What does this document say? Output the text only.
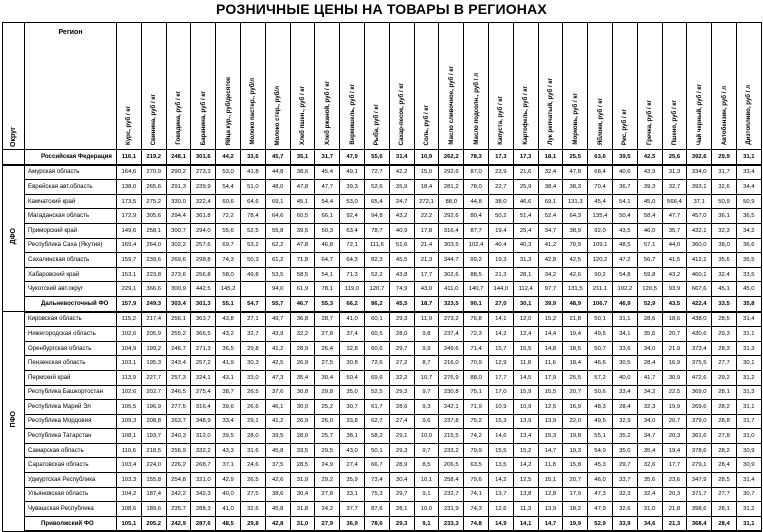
РОЗНИЧНЫЕ ЦЕНЫ НА ТОВАРЫ В РЕГИОНАХ
Округ	Регион	Курс, руб / кг	Свинина, руб / кг	Говядина, руб / кг	Баранина, руб / кг	Яйца кур., руб/десяток	Молоко пастер., руб/л	Молоко стер., руб/л	Хлеб пшен., руб / кг	Хлеб ржаной, руб / кг	Вермишель, руб / кг	Рыба, руб / кг	Сахар-песок, руб / кг	Соль, руб / кг	Масло сливочное, руб / кг	Масло подсолн., руб / л	Капуста, руб / кг	Картофель, руб / кг	Лук репчатый, руб / кг	Морковь, руб / кг	Яблоки, руб / кг	Рис, руб / кг	Гречка, руб / кг	Пшено, руб / кг	Чай черный, руб / кг	Автобензин, руб / л	Дизтопливо, руб / л
	Российская Федерация	116,1	219,2	248,1	301,6	44,2	33,6	45,7	35,1	31,7	47,9	55,6	31,4	10,9	262,2	78,3	17,3	17,3	18,1	25,5	63,6	39,5	42,5	25,6	392,6	29,9	31,1
ДФО	Амурская область	164,6	270,9	290,2	273,3	53,0	41,8	44,8	38,6	45,4	49,1	72,7	42,2	15,0	292,6	87,0	23,9	21,6	32,4	47,8	68,4	40,6	43,9	31,3	334,0	31,7	33,4
	Еврейская авт.область	138,0	265,6	291,3	239,9	54,4	51,0	48,0	47,8	47,7	39,3	52,6	35,9	18,4	281,2	78,0	22,7	25,9	38,4	38,3	70,4	36,7	39,3	32,7	393,1	32,6	34,4
	Камчатский край	173,5	275,2	330,0	322,4	60,6	64,6	69,1	45,1	54,4	53,0	65,4	24,7	272,1	88,0	44,8	38,0	46,6	69,1	131,3	45,4	54,1	45,0	566,4	37,1	50,9	50,9
	Магаданская область	172,9	305,6	294,4	361,8	72,2	78,4	64,6	60,5	66,1	92,4	94,8	43,2	22,2	292,6	80,4	50,2	51,4	52,4	64,3	135,4	50,4	58,4	47,7	457,0	36,1	36,5
	Приморский край	149,6	258,1	300,7	294,0	55,6	52,5	55,8	39,5	50,3	63,4	78,7	40,9	17,8	316,4	87,7	19,4	25,4	34,7	38,9	92,0	43,5	46,0	35,7	432,1	32,3	34,2
	Республика Саха (Якутия)	169,4	264,0	302,2	257,6	69,7	53,2	62,2	47,8	46,8	72,1	111,6	51,6	21,4	303,5	102,4	40,4	40,3	41,2	70,9	109,1	48,5	57,1	44,0	360,0	38,0	36,6
	Сахалинская область	159,7	239,6	269,6	298,8	74,3	50,3	61,2	71,8	64,7	64,3	82,3	45,5	21,3	344,7	99,2	19,3	31,3	42,8	42,5	120,2	47,2	56,7	41,5	412,1	35,6	36,5
	Хабаровский край	153,1	223,8	273,6	256,8	58,0	49,8	53,5	58,5	54,1	71,3	52,2	43,8	17,7	302,6	88,5	21,3	28,1	34,2	42,6	90,2	54,8	59,8	43,2	460,1	32,4	33,5
	Чукотский авт.округ	229,1	366,6	300,9	442,5	145,2		94,0	61,9	78,1	119,0	120,7	74,9	43,0	411,0	140,7	144,0	112,4	97,7	131,5	211,1	102,2	120,5	93,9	667,6	45,1	45,0
	Дальневосточный ФО	157,9	249,3	303,4	301,3	55,1	54,7	55,7	46,7	55,3	66,2	86,2	45,5	18,7	323,5	90,1	27,0	30,1	39,9	48,9	106,7	46,9	52,9	43,5	422,4	33,5	35,8
ПФО	Кировская область	115,2	217,4	256,1	363,7	43,8	27,1	49,7	36,8	28,7	41,0	60,1	29,3	11,9	273,2	76,8	14,1	12,0	15,2	21,8	50,1	31,1	28,6	18,6	438,0	28,5	31,4
	Нижегородская область	102,6	205,9	255,2	366,5	43,2	32,7	43,9	32,2	27,8	37,4	60,5	28,0	9,8	237,4	72,3	14,2	12,4	14,4	19,4	49,5	34,1	35,6	20,7	430,6	29,3	31,1
	Оренбургская область	104,9	199,2	246,7	271,3	36,5	29,8	41,2	28,9	26,4	32,8	60,6	29,7	9,9	249,6	71,4	15,7	15,5	14,8	18,5	50,7	33,6	34,0	21,9	373,4	28,3	31,3
	Пензенская область	103,1	195,3	243,4	257,2	41,9	30,3	42,5	26,9	27,5	30,8	72,6	27,2	8,7	216,0	70,9	12,9	11,8	11,6	18,4	46,6	30,5	28,4	16,9	375,5	27,7	30,1
	Пермский край	113,9	227,7	257,3	324,1	43,1	33,0	47,3	35,4	30,4	50,4	69,6	32,2	10,7	276,9	88,0	17,7	14,5	17,9	25,5	57,2	40,0	41,7	30,9	472,6	29,2	31,2
	Республика Башкортостан	102,6	202,7	246,5	275,4	38,7	26,5	37,6	30,8	29,8	35,0	52,5	29,3	9,7	230,8	75,1	17,0	15,9	15,5	20,7	50,6	33,4	34,2	22,5	369,0	28,1	31,3
	Республика Марий Эл	105,5	196,9	277,5	316,4	39,6	26,6	46,1	30,0	25,2	30,7	61,7	28,6	9,3	242,1	71,9	10,9	10,9	12,5	16,9	48,3	28,4	32,3	19,9	269,6	28,2	31,1
	Республика Мордовия	109,3	208,8	263,7	348,9	33,4	29,1	41,2	26,9	26,0	33,8	62,7	27,4	9,6	237,8	75,2	15,3	13,9	13,9	22,0	49,5	32,9	34,0	20,7	379,0	28,8	31,7
	Республика Татарстан	108,1	193,7	240,3	312,0	39,5	28,0	39,5	28,0	25,7	38,1	58,2	29,1	10,0	215,5	74,2	14,6	13,4	15,3	19,8	55,1	35,2	34,7	20,3	361,6	27,8	31,0
	Самарская область	110,6	218,5	256,9	332,2	43,3	31,6	45,8	33,5	29,5	43,0	50,1	29,3	9,7	233,2	79,9	15,5	15,2	14,7	19,3	54,9	35,0	35,4	19,4	378,6	28,2	30,9
	Саратовская область	103,4	224,0	226,2	268,7	37,1	24,6	37,5	28,5	24,9	27,4	66,7	28,9	8,5	206,5	63,5	13,5	14,2	11,8	15,8	45,3	29,7	32,6	17,7	279,1	28,4	30,9
	Удмуртская Республика	103,3	155,8	254,8	321,0	42,9	26,5	42,6	31,9	29,2	35,9	73,4	30,4	10,1	258,4	79,6	14,2	12,5	15,1	20,7	46,0	33,7	35,6	23,6	347,9	28,5	31,4
	Ульяновская область	104,2	187,4	242,2	342,3	40,0	27,5	38,6	30,4	27,8	33,1	75,3	29,7	9,1	232,7	74,1	13,7	13,8	12,8	17,9	47,3	32,3	32,4	20,3	371,7	27,7	30,7
	Чувашская Республика	108,6	189,6	235,7	288,3	41,0	32,6	45,8	31,8	24,2	37,7	87,6	28,1	10,0	231,9	74,3	12,6	11,3	13,9	18,2	47,9	32,6	31,0	21,8	398,6	28,1	31,2
	Приволжский ФО	105,1	205,2	242,9	287,6	48,5	29,8	42,8	31,0	27,9	36,9	78,6	29,3	9,1	233,3	74,8	14,9	14,1	14,7	19,9	52,9	33,9	34,6	21,3	368,4	28,4	31,1
